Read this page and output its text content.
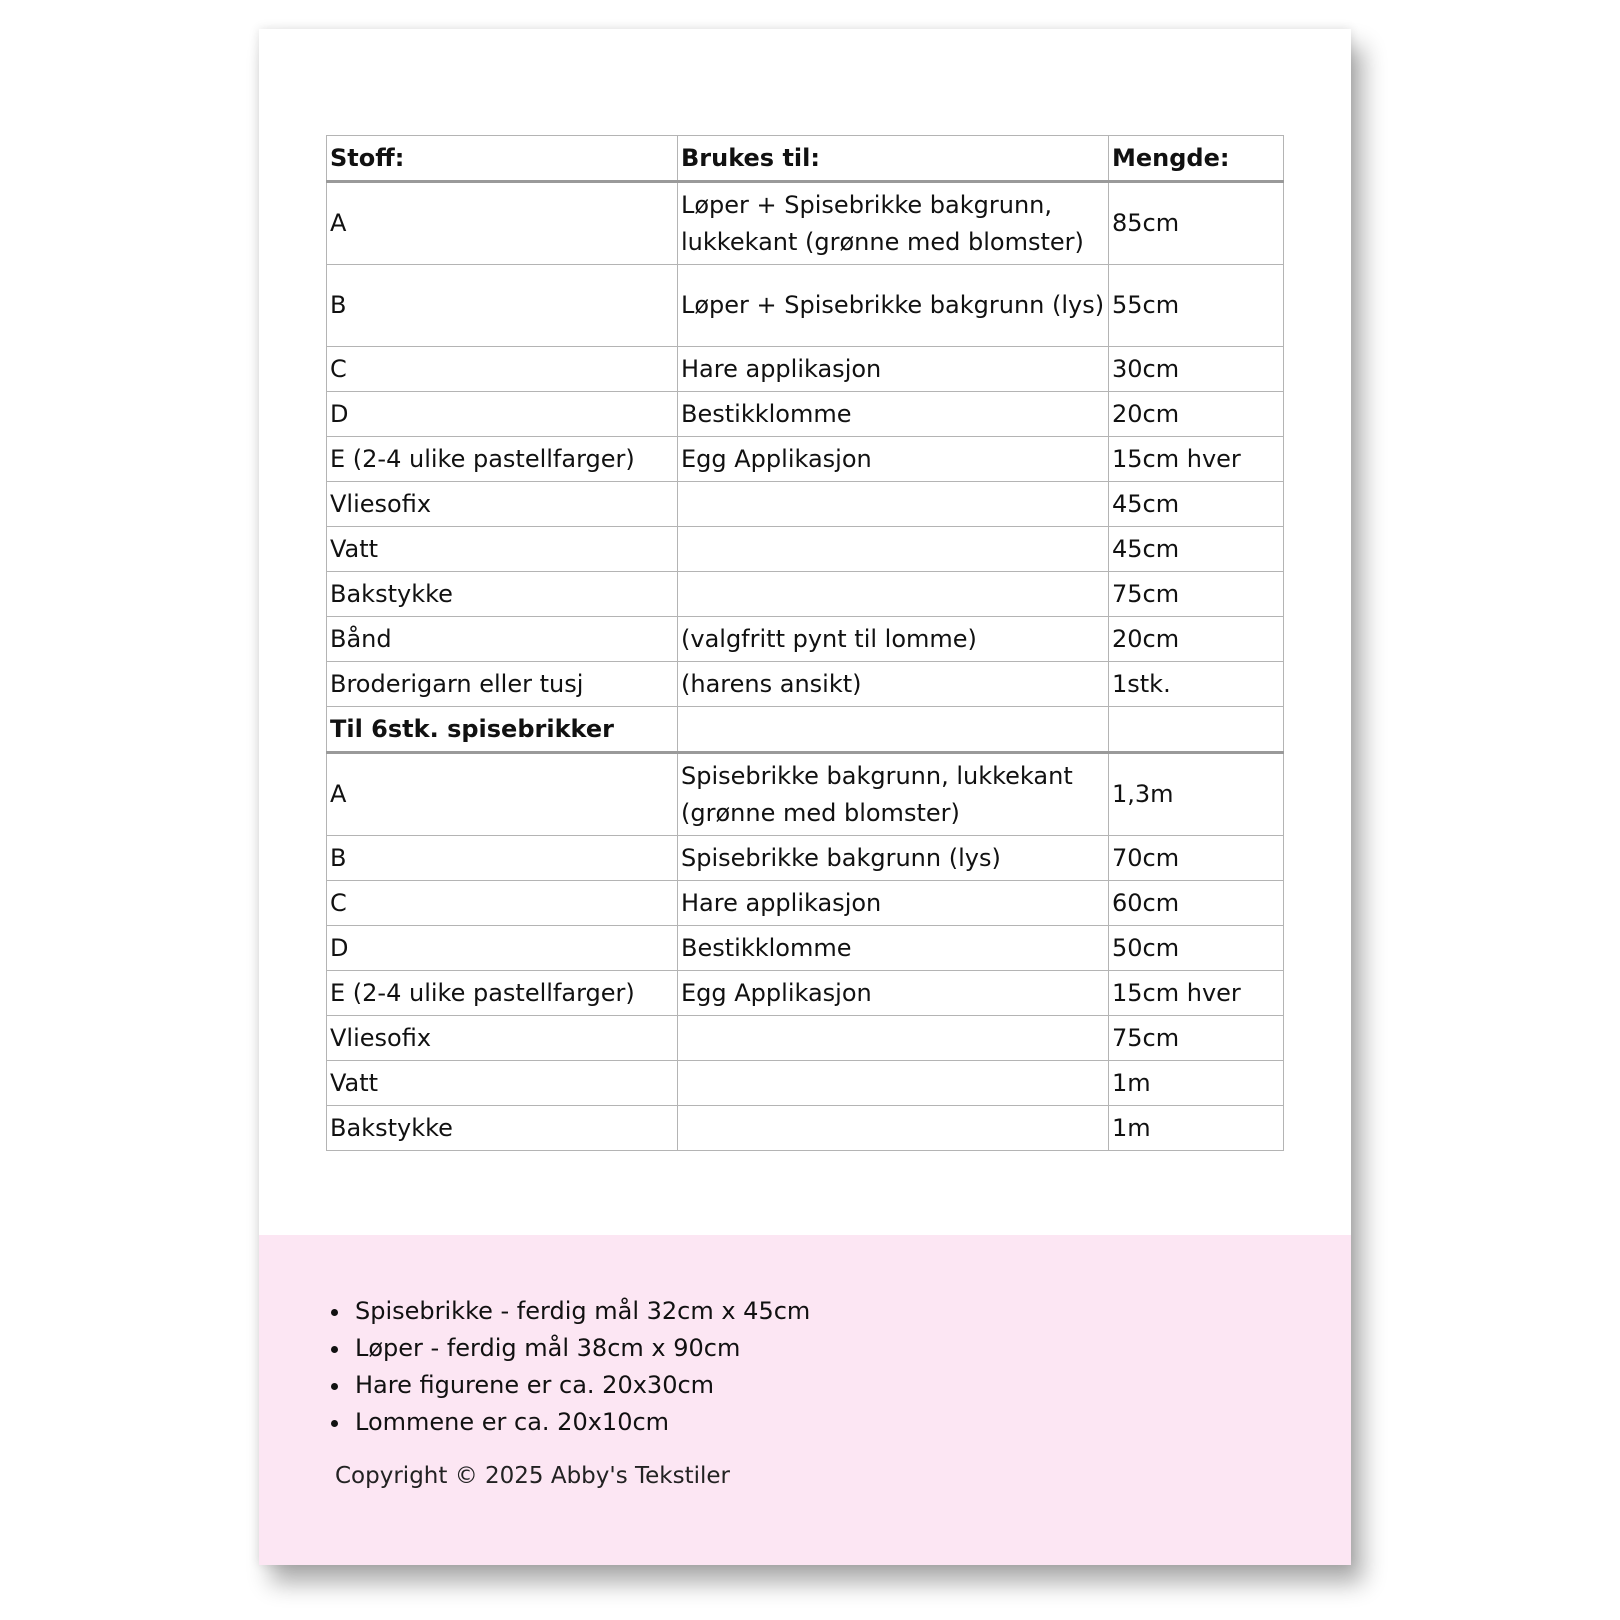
Stoff:	Brukes til:	Mengde:
A	Løper + Spisebrikke bakgrunn, lukkekant (grønne med blomster)	85cm
B	Løper + Spisebrikke bakgrunn (lys)	55cm
C	Hare applikasjon	30cm
D	Bestikklomme	20cm
E (2-4 ulike pastellfarger)	Egg Applikasjon	15cm hver
Vliesofix		45cm
Vatt		45cm
Bakstykke		75cm
Bånd	(valgfritt pynt til lomme)	20cm
Broderigarn eller tusj	(harens ansikt)	1stk.
Til 6stk. spisebrikker		
A	Spisebrikke bakgrunn, lukkekant (grønne med blomster)	1,3m
B	Spisebrikke bakgrunn (lys)	70cm
C	Hare applikasjon	60cm
D	Bestikklomme	50cm
E (2-4 ulike pastellfarger)	Egg Applikasjon	15cm hver
Vliesofix		75cm
Vatt		1m
Bakstykke		1m
• Spisebrikke - ferdig mål 32cm x 45cm
• Løper - ferdig mål 38cm x 90cm
• Hare figurene er ca. 20x30cm
• Lommene er ca. 20x10cm
Copyright © 2025 Abby's Tekstiler
